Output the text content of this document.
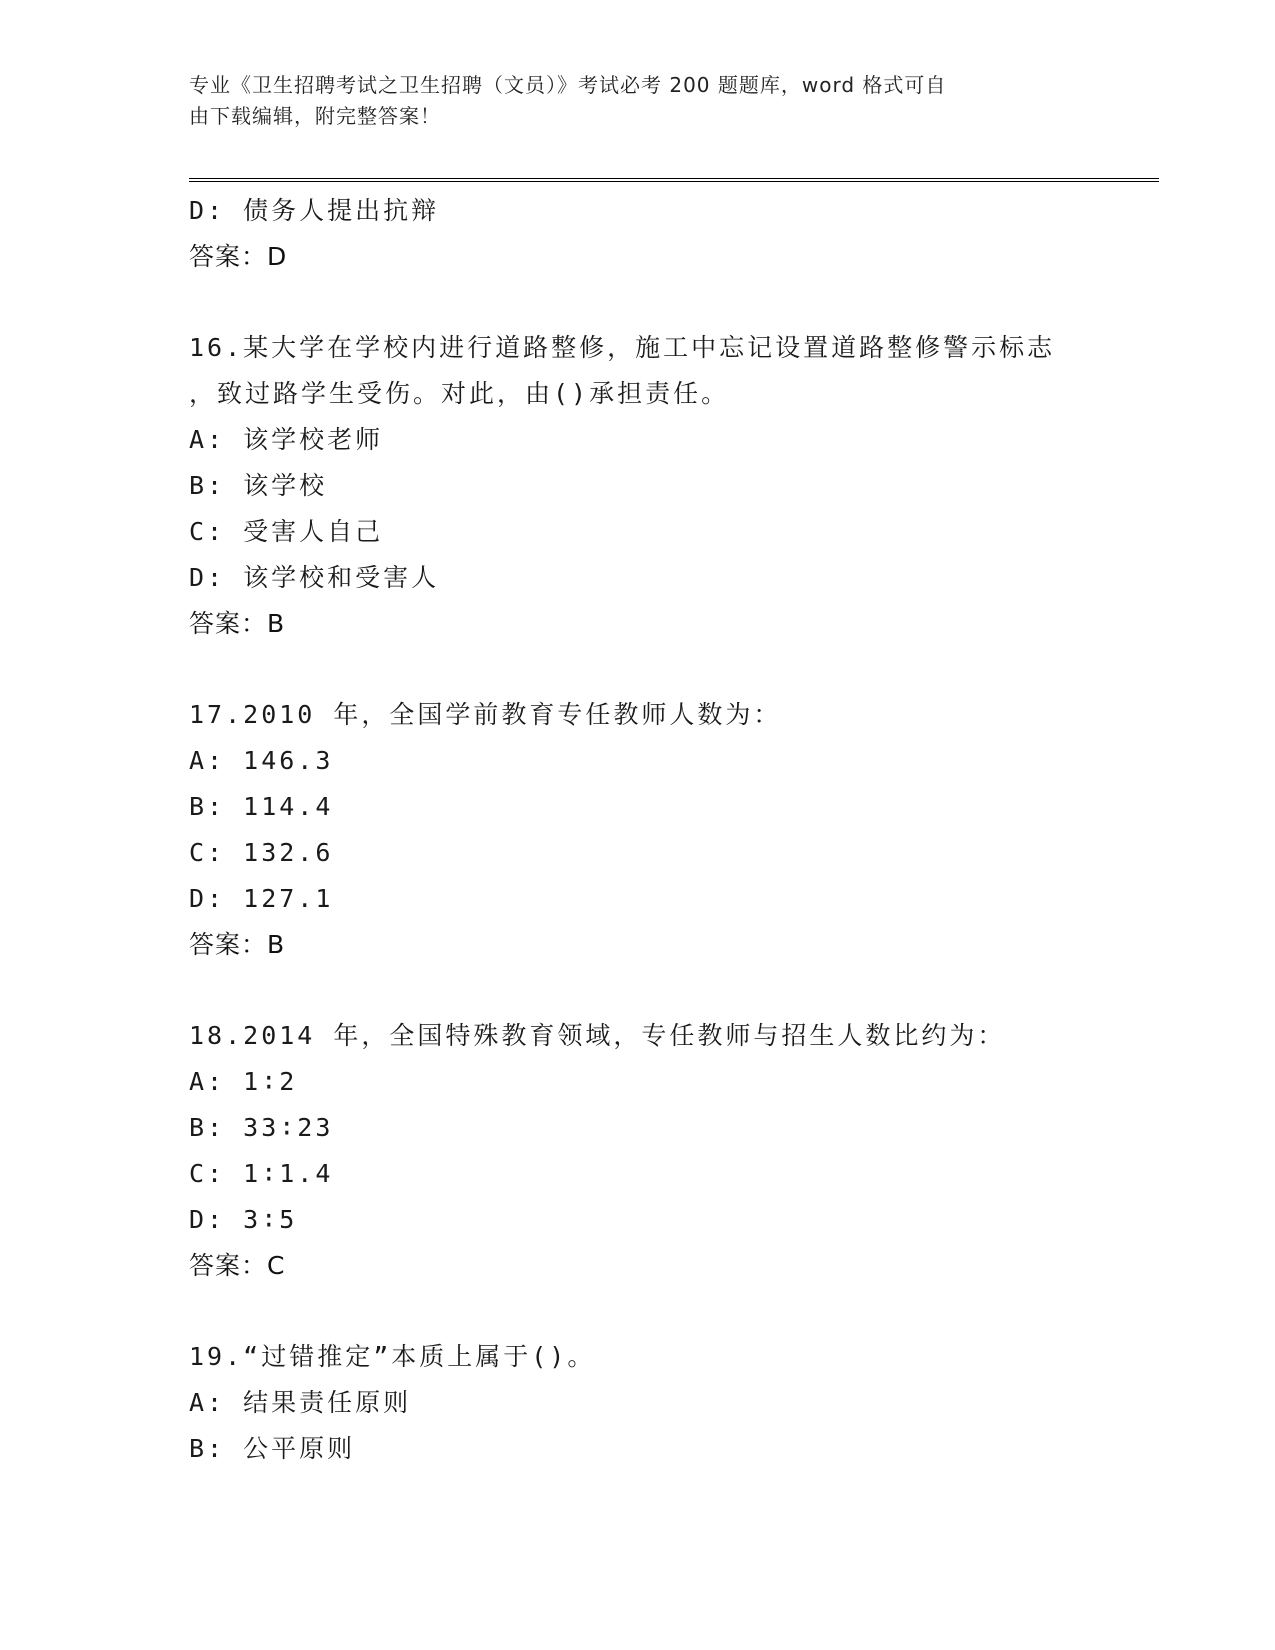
专业《卫生招聘考试之卫生招聘（文员）》考试必考 200 题题库，word 格式可自
由下载编辑，附完整答案！
D: 债务人提出抗辩
答案：D
16.某大学在学校内进行道路整修，施工中忘记设置道路整修警示标志
，致过路学生受伤。对此，由()承担责任。
A: 该学校老师
B: 该学校
C: 受害人自己
D: 该学校和受害人
答案：B
17.2010 年，全国学前教育专任教师人数为：
A: 146.3
B: 114.4
C: 132.6
D: 127.1
答案：B
18.2014 年，全国特殊教育领域，专任教师与招生人数比约为：
A: 1∶2
B: 33∶23
C: 1∶1.4
D: 3∶5
答案：C
19.“过错推定”本质上属于()。
A: 结果责任原则
B: 公平原则
